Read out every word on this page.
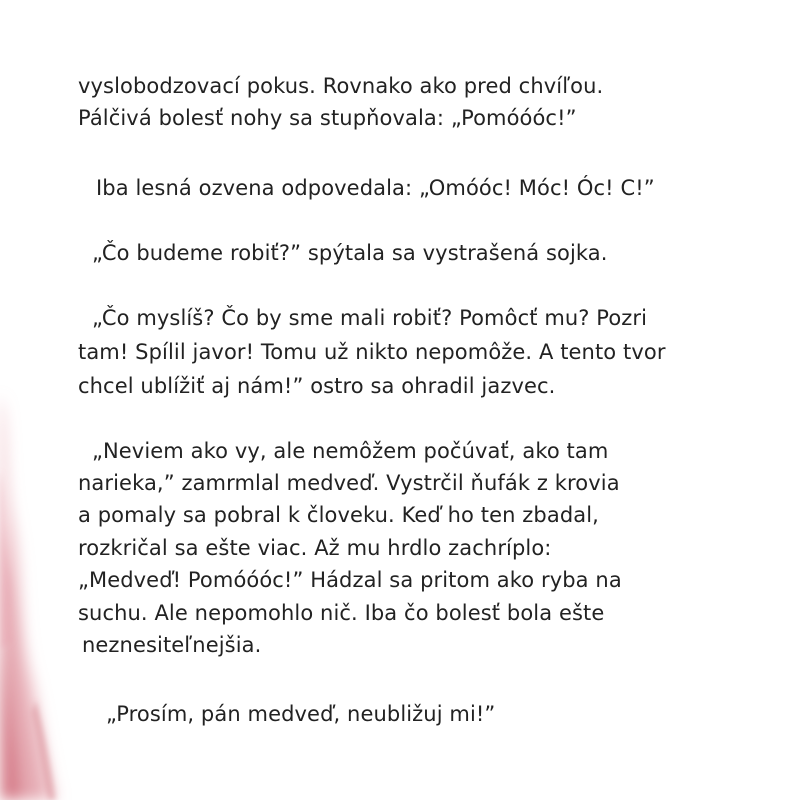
vyslobodzovací pokus. Rovnako ako pred chvíľou.
Pálčivá bolesť nohy sa stupňovala: „Pomóóóc!”
Iba lesná ozvena odpovedala: „Omóóc! Móc! Óc! C!”
„Čo budeme robiť?” spýtala sa vystrašená sojka.
„Čo myslíš? Čo by sme mali robiť? Pomôcť mu? Pozri
tam! Spílil javor! Tomu už nikto nepomôže. A tento tvor
chcel ublížiť aj nám!” ostro sa ohradil jazvec.
„Neviem ako vy, ale nemôžem počúvať, ako tam
narieka,” zamrmlal medveď. Vystrčil ňufák z krovia
a pomaly sa pobral k človeku. Keď ho ten zbadal,
rozkričal sa ešte viac. Až mu hrdlo zachríplo:
„Medveď! Pomóóóc!” Hádzal sa pritom ako ryba na
suchu. Ale nepomohlo nič. Iba čo bolesť bola ešte
neznesiteľnejšia.
„Prosím, pán medveď, neubližuj mi!”
